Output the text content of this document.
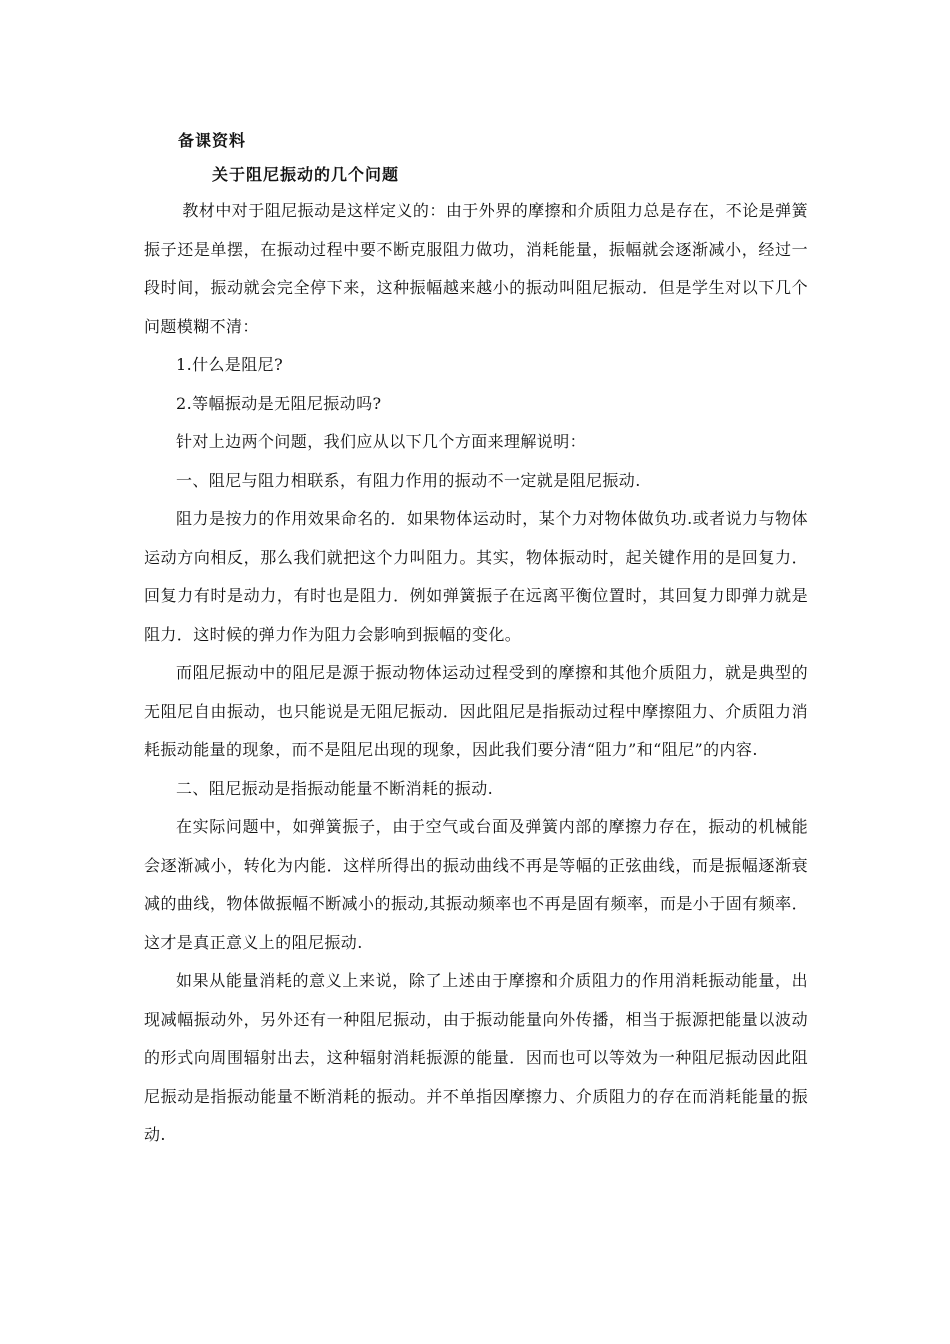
备课资料
关于阻尼振动的几个问题

教材中对于阻尼振动是这样定义的：由于外界的摩擦和介质阻力总是存在，不论是弹簧振子还是单摆，在振动过程中要不断克服阻力做功，消耗能量，振幅就会逐渐减小，经过一段时间，振动就会完全停下来，这种振幅越来越小的振动叫阻尼振动．但是学生对以下几个问题模糊不清：

1.什么是阻尼?

2.等幅振动是无阻尼振动吗?

针对上边两个问题，我们应从以下几个方面来理解说明：

一、阻尼与阻力相联系，有阻力作用的振动不一定就是阻尼振动.

阻力是按力的作用效果命名的．如果物体运动时，某个力对物体做负功.或者说力与物体运动方向相反，那么我们就把这个力叫阻力。其实，物体振动时，起关键作用的是回复力．回复力有时是动力，有时也是阻力．例如弹簧振子在远离平衡位置时，其回复力即弹力就是阻力．这时候的弹力作为阻力会影响到振幅的变化。

而阻尼振动中的阻尼是源于振动物体运动过程受到的摩擦和其他介质阻力，就是典型的无阻尼自由振动，也只能说是无阻尼振动．因此阻尼是指振动过程中摩擦阻力、介质阻力消耗振动能量的现象，而不是阻尼出现的现象，因此我们要分清“阻力”和“阻尼”的内容.

二、阻尼振动是指振动能量不断消耗的振动.

在实际问题中，如弹簧振子，由于空气或台面及弹簧内部的摩擦力存在，振动的机械能会逐渐减小，转化为内能．这样所得出的振动曲线不再是等幅的正弦曲线，而是振幅逐渐衰减的曲线，物体做振幅不断减小的振动,其振动频率也不再是固有频率，而是小于固有频率．这才是真正意义上的阻尼振动.

如果从能量消耗的意义上来说，除了上述由于摩擦和介质阻力的作用消耗振动能量，出现减幅振动外，另外还有一种阻尼振动，由于振动能量向外传播，相当于振源把能量以波动的形式向周围辐射出去，这种辐射消耗振源的能量．因而也可以等效为一种阻尼振动因此阻尼振动是指振动能量不断消耗的振动。并不单指因摩擦力、介质阻力的存在而消耗能量的振动.
